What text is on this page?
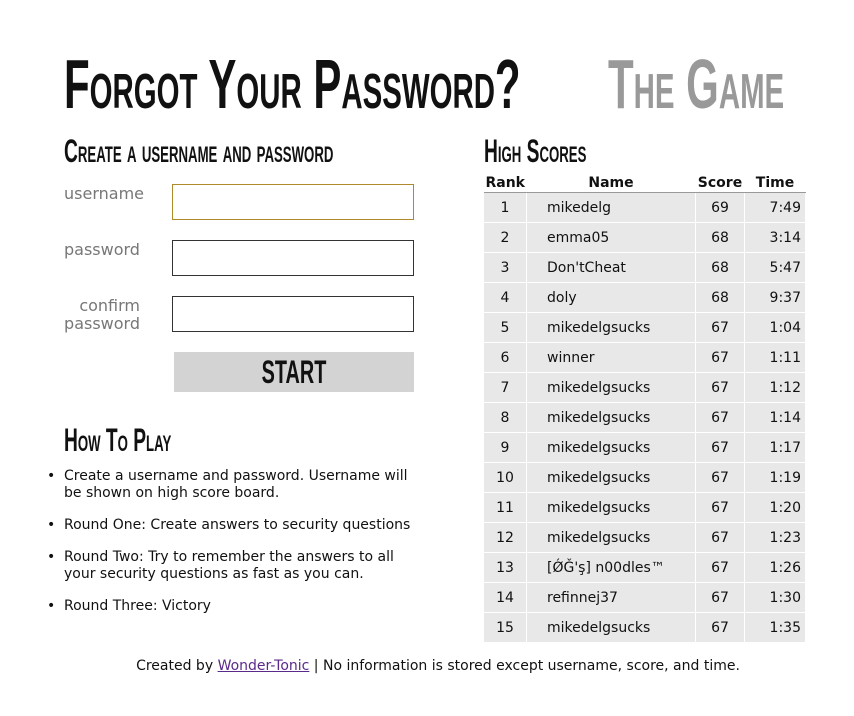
Forgot Your Password? The Game
Create a username and password
username
password
confirm password
START
How To Play
• Create a username and password. Username will be shown on high score board.
• Round One: Create answers to security questions
• Round Two: Try to remember the answers to all your security questions as fast as you can.
• Round Three: Victory
High Scores
Rank	Name	Score	Time
1	mikedelg	69	7:49
2	emma05	68	3:14
3	Don'tCheat	68	5:47
4	doly	68	9:37
5	mikedelgsucks	67	1:04
6	winner	67	1:11
7	mikedelgsucks	67	1:12
8	mikedelgsucks	67	1:14
9	mikedelgsucks	67	1:17
10	mikedelgsucks	67	1:19
11	mikedelgsucks	67	1:20
12	mikedelgsucks	67	1:23
13	[ǾǦ'ş] n00dles™	67	1:26
14	refinnej37	67	1:30
15	mikedelgsucks	67	1:35
Created by Wonder-Tonic | No information is stored except username, score, and time.
